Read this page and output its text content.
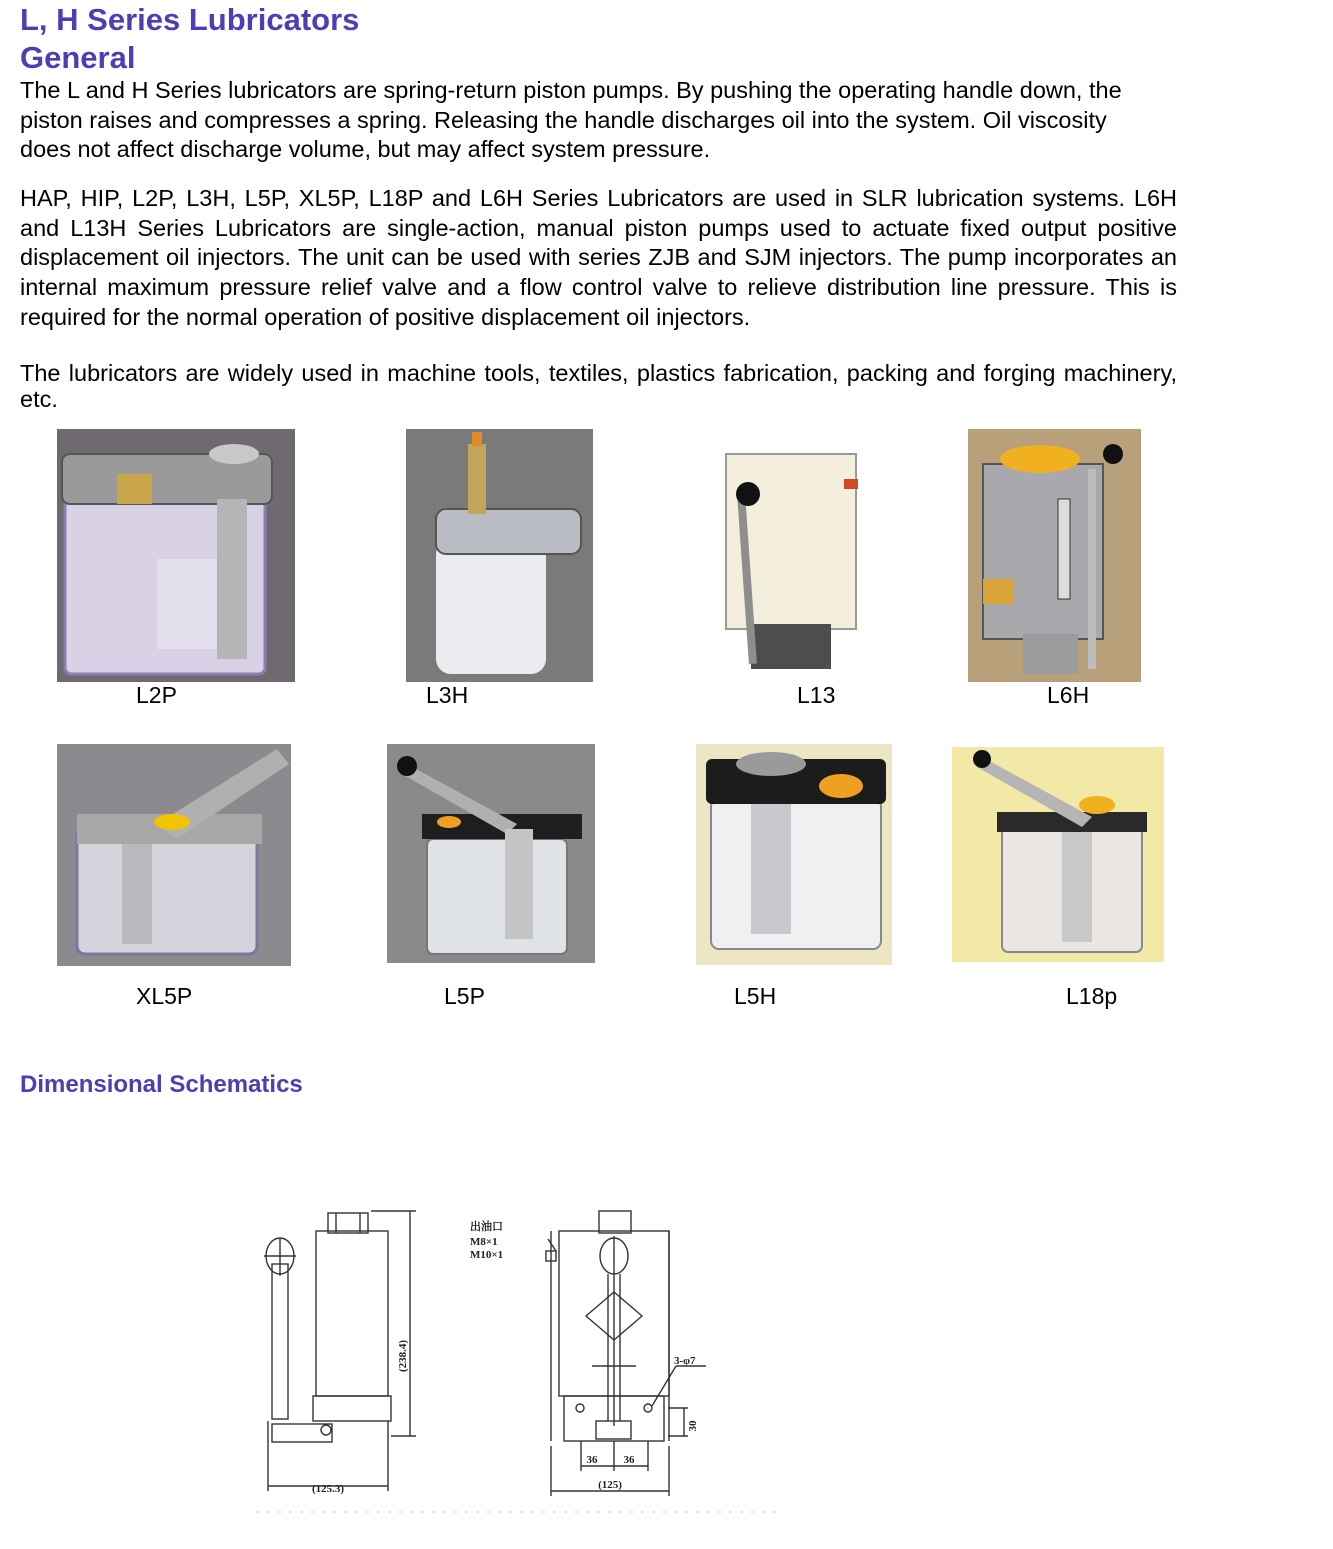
L, H Series Lubricators
General

The L and H Series lubricators are spring-return piston pumps. By pushing the operating handle down, the piston raises and compresses a spring. Releasing the handle discharges oil into the system. Oil viscosity does not affect discharge volume, but may affect system pressure.

HAP, HIP, L2P, L3H, L5P, XL5P, L18P and L6H Series Lubricators are used in SLR lubrication systems. L6H and L13H Series Lubricators are single-action, manual piston pumps used to actuate fixed output positive displacement oil injectors. The unit can be used with series ZJB and SJM injectors. The pump incorporates an internal maximum pressure relief valve and a flow control valve to relieve distribution line pressure. This is required for the normal operation of positive displacement oil injectors.

The lubricators are widely used in machine tools, textiles, plastics fabrication, packing and forging machinery, etc.

L2P	L3H	L13	L6H
XL5P	L5P	L5H	L18p
Dimensional Schematics
(238.4)
(125.3)	(125)
出油口
M8×1
M10×1
3-φ7
36 36
30
